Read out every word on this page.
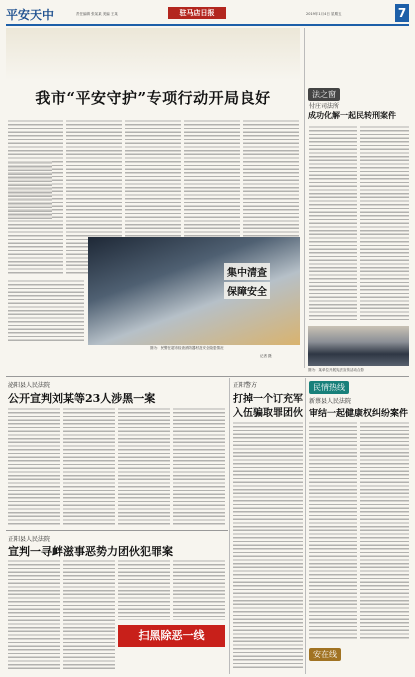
平安天中	责任编辑 张某某 美编 王某	驻马店日报	2019年1月4日 星期五	7
我市“平安守护”专项行动开局良好
集中清查
保障安全
图为：民警在超市检查消防器材及安全隐患情况
记者 摄
法之窗
付庄司法所
成功化解一起民转刑案件
图为：某单位开展宪法宣传活动合影
泌阳县人民法院
公开宣判刘某等23人涉黑一案
正阳县人民法院
宣判一寻衅滋事恶势力团伙犯罪案
扫黑除恶一线
正阳警方
打掉一个订充军
入伍骗取罪团伙
民情热线
新蔡县人民法院
审结一起健康权纠纷案件
安在线
